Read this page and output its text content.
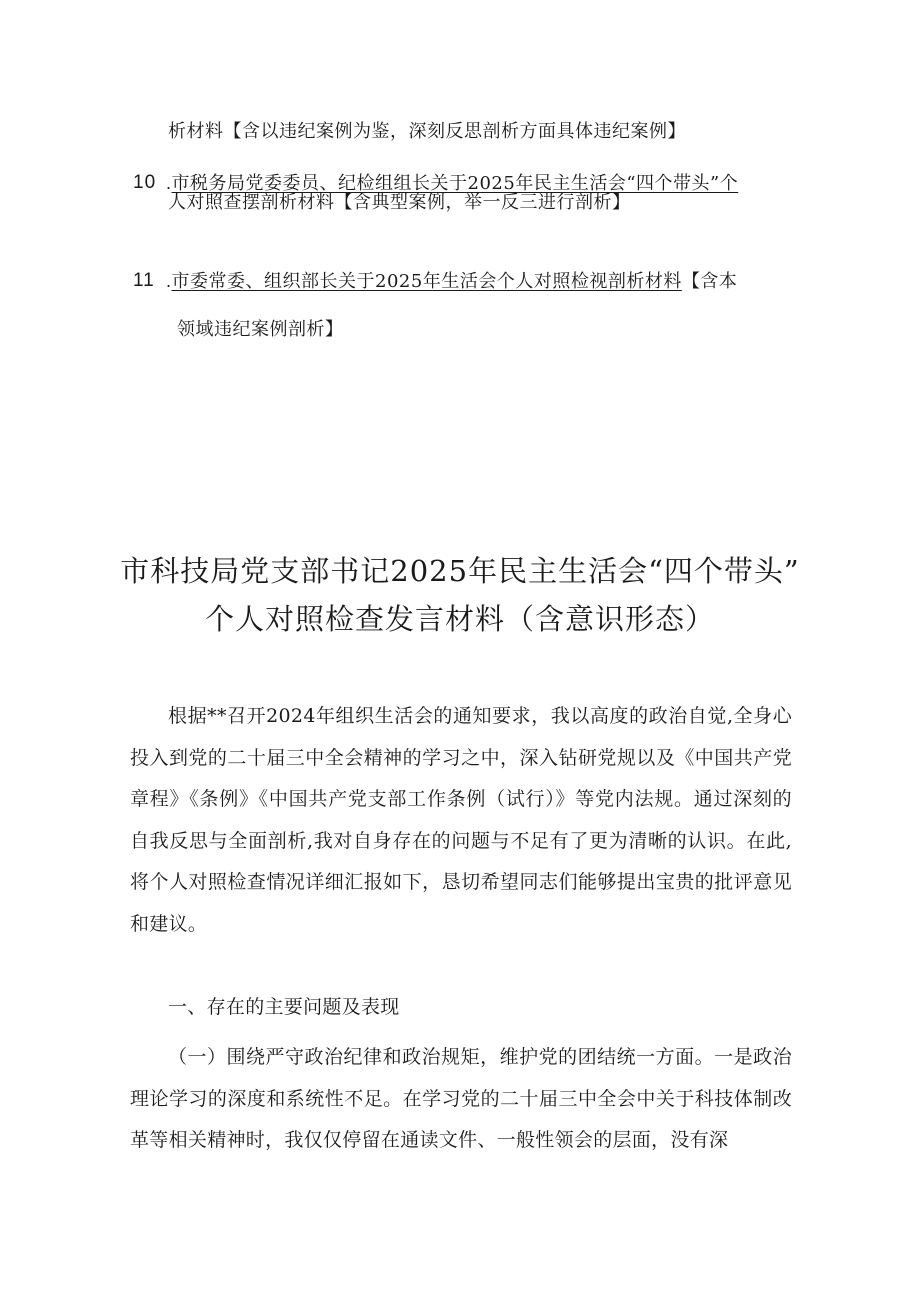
析材料【含以违纪案例为鉴，深刻反思剖析方面具体违纪案例】
10 .市税务局党委委员、纪检组组长关于2025年民主生活会“四个带头”个
人对照查摆剖析材料【含典型案例，举一反三进行剖析】
11 .市委常委、组织部长关于2025年生活会个人对照检视剖析材料【含本
领域违纪案例剖析】
市科技局党支部书记2025年民主生活会“四个带头”
个人对照检查发言材料（含意识形态）

根据**召开2024年组织生活会的通知要求，我以高度的政治自觉,全身心投入到党的二十届三中全会精神的学习之中，深入钻研党规以及《中国共产党章程》《条例》《中国共产党支部工作条例（试行）》等党内法规。通过深刻的自我反思与全面剖析,我对自身存在的问题与不足有了更为清晰的认识。在此,将个人对照检查情况详细汇报如下，恳切希望同志们能够提出宝贵的批评意见和建议。

一、存在的主要问题及表现

（一）围绕严守政治纪律和政治规矩，维护党的团结统一方面。一是政治理论学习的深度和系统性不足。在学习党的二十届三中全会中关于科技体制改革等相关精神时，我仅仅停留在通读文件、一般性领会的层面，没有深
